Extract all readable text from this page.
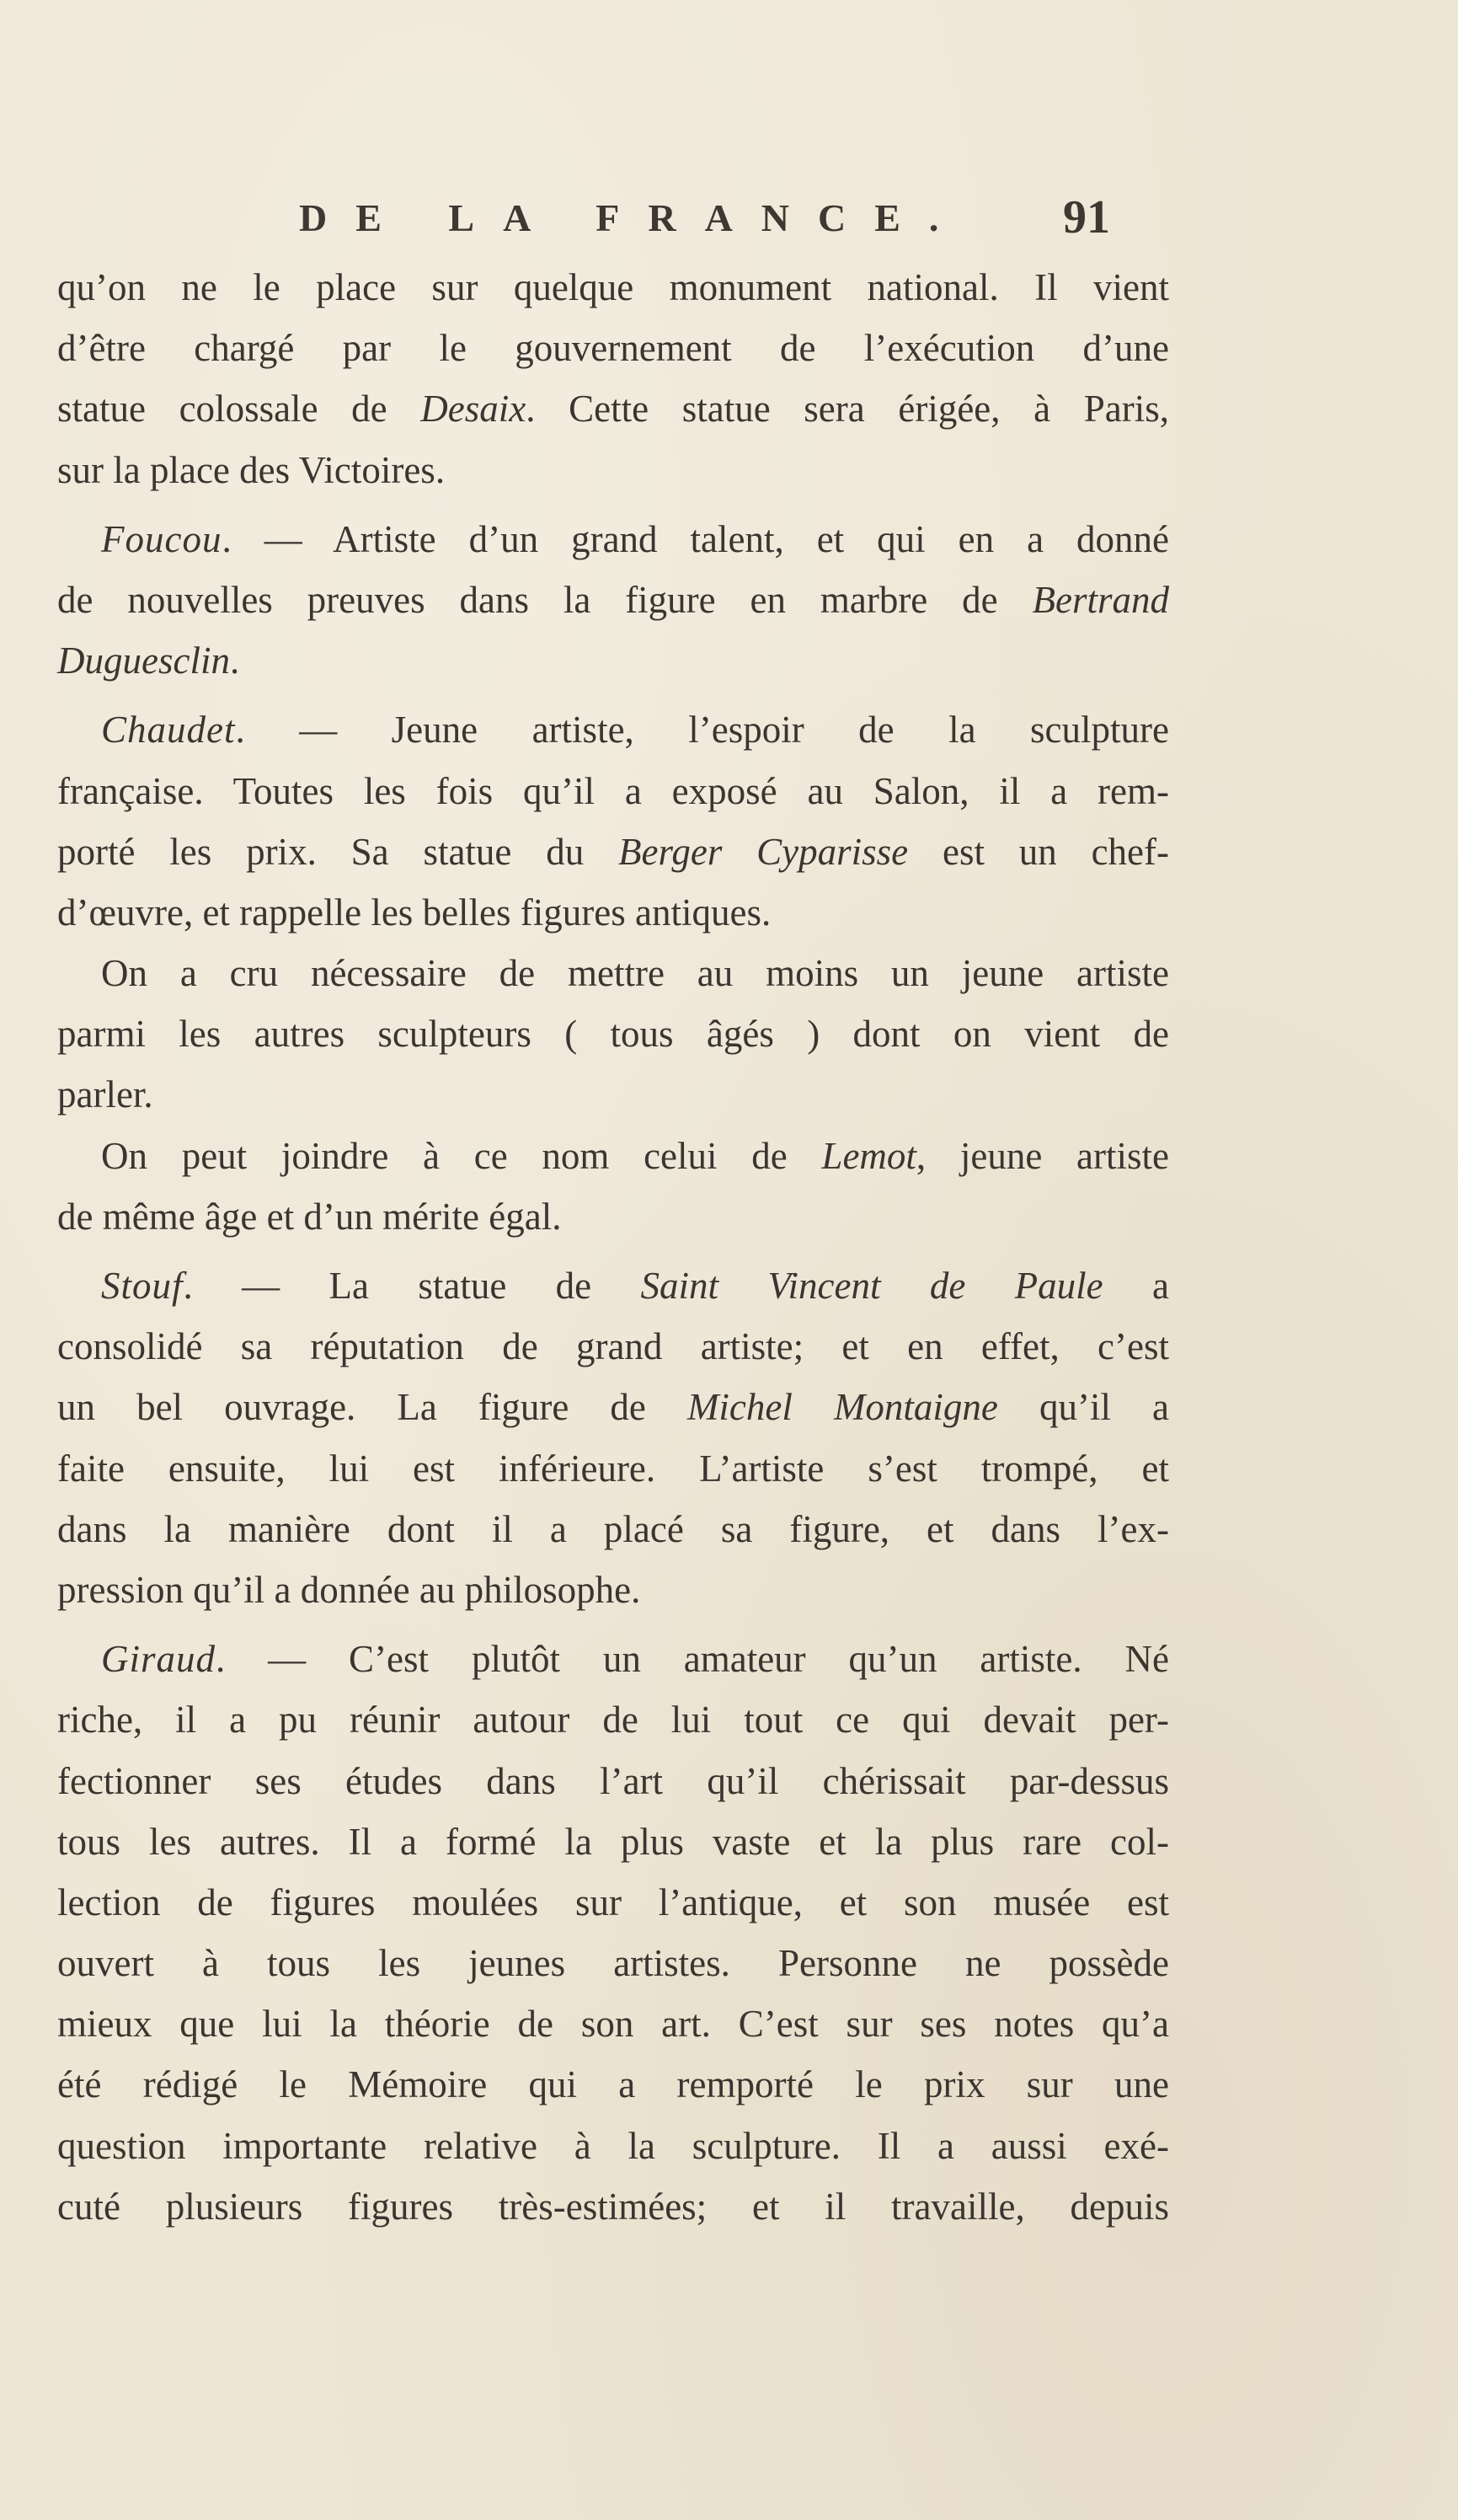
DE LA FRANCE. 91
qu’on ne le place sur quelque monument national. Il vient
d’être chargé par le gouvernement de l’exécution d’une
statue colossale de Desaix. Cette statue sera érigée, à Paris,
sur la place des Victoires.
Foucou. — Artiste d’un grand talent, et qui en a donné
de nouvelles preuves dans la figure en marbre de Bertrand
Duguesclin.
Chaudet. — Jeune artiste, l’espoir de la sculpture
française. Toutes les fois qu’il a exposé au Salon, il a rem-
porté les prix. Sa statue du Berger Cyparisse est un chef-
d’œuvre, et rappelle les belles figures antiques.
On a cru nécessaire de mettre au moins un jeune artiste
parmi les autres sculpteurs ( tous âgés ) dont on vient de
parler.
On peut joindre à ce nom celui de Lemot, jeune artiste
de même âge et d’un mérite égal.
Stouf. — La statue de Saint Vincent de Paule a
consolidé sa réputation de grand artiste; et en effet, c’est
un bel ouvrage. La figure de Michel Montaigne qu’il a
faite ensuite, lui est inférieure. L’artiste s’est trompé, et
dans la manière dont il a placé sa figure, et dans l’ex-
pression qu’il a donnée au philosophe.
Giraud. — C’est plutôt un amateur qu’un artiste. Né
riche, il a pu réunir autour de lui tout ce qui devait per-
fectionner ses études dans l’art qu’il chérissait par-dessus
tous les autres. Il a formé la plus vaste et la plus rare col-
lection de figures moulées sur l’antique, et son musée est
ouvert à tous les jeunes artistes. Personne ne possède
mieux que lui la théorie de son art. C’est sur ses notes qu’a
été rédigé le Mémoire qui a remporté le prix sur une
question importante relative à la sculpture. Il a aussi exé-
cuté plusieurs figures très-estimées; et il travaille, depuis
